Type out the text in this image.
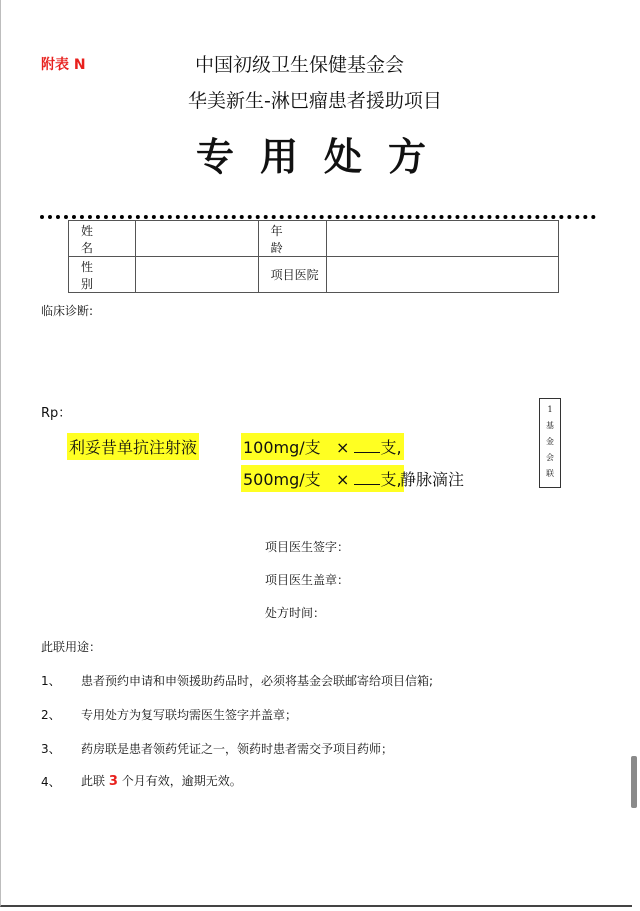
附表 N	中国初级卫生保健基金会
华美新生-淋巴瘤患者援助项目
专用处方
姓 名		年 龄	
性 别		项目医院	
临床诊断:
Rp：
利妥昔单抗注射液	100mg/支 × 支,
500mg/支 × 支,
静脉滴注
1
基
金
会
联
项目医生签字：
项目医生盖章：
处方时间：
此联用途：
1、 患者预约申请和申领援助药品时，必须将基金会联邮寄给项目信箱;
2、 专用处方为复写联均需医生签字并盖章；
3、 药房联是患者领药凭证之一，领药时患者需交予项目药师；
4、 此联 3 个月有效，逾期无效。
